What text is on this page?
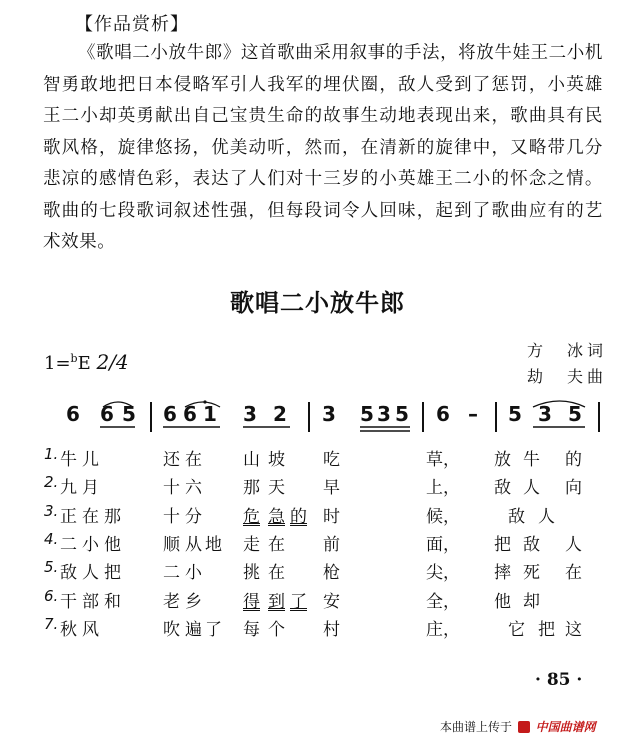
【作品赏析】

《歌唱二小放牛郎》这首歌曲采用叙事的手法，将放牛娃王二小机智勇敢地把日本侵略军引人我军的埋伏圈，敌人受到了惩罚，小英雄王二小却英勇献出自己宝贵生命的故事生动地表现出来，歌曲具有民歌风格，旋律悠扬，优美动听，然而，在清新的旋律中，又略带几分悲凉的感情色彩，表达了人们对十三岁的小英雄王二小的怀念之情。歌曲的七段歌词叙述性强，但每段词令人回味，起到了歌曲应有的艺术效果。

歌唱二小放牛郎
方　冰词
劫　夫曲
1=$^b$E 2/4
6 6 5 6 6 1 3 2 3 5 3 5 6 – 5 3 5
1. 牛 儿	还 在 山 坡 吃	草， 放 牛 的
2. 九 月	十 六 那 天 早	上， 敌 人 向
3. 正 在 那 十 分 危 急 的 时	候，	敌 人
4. 二 小 他 顺 从 地 走 在 前	面， 把 敌 人
5. 敌 人 把 二 小 挑 在 枪	尖， 摔 死 在
6. 干 部 和 老 乡 得 到 了 安	全， 他 却
7. 秋 风	吹 遍 了 每 个 村	庄，	它 把 这
· 85 ·
本曲谱上传于 中国曲谱网
